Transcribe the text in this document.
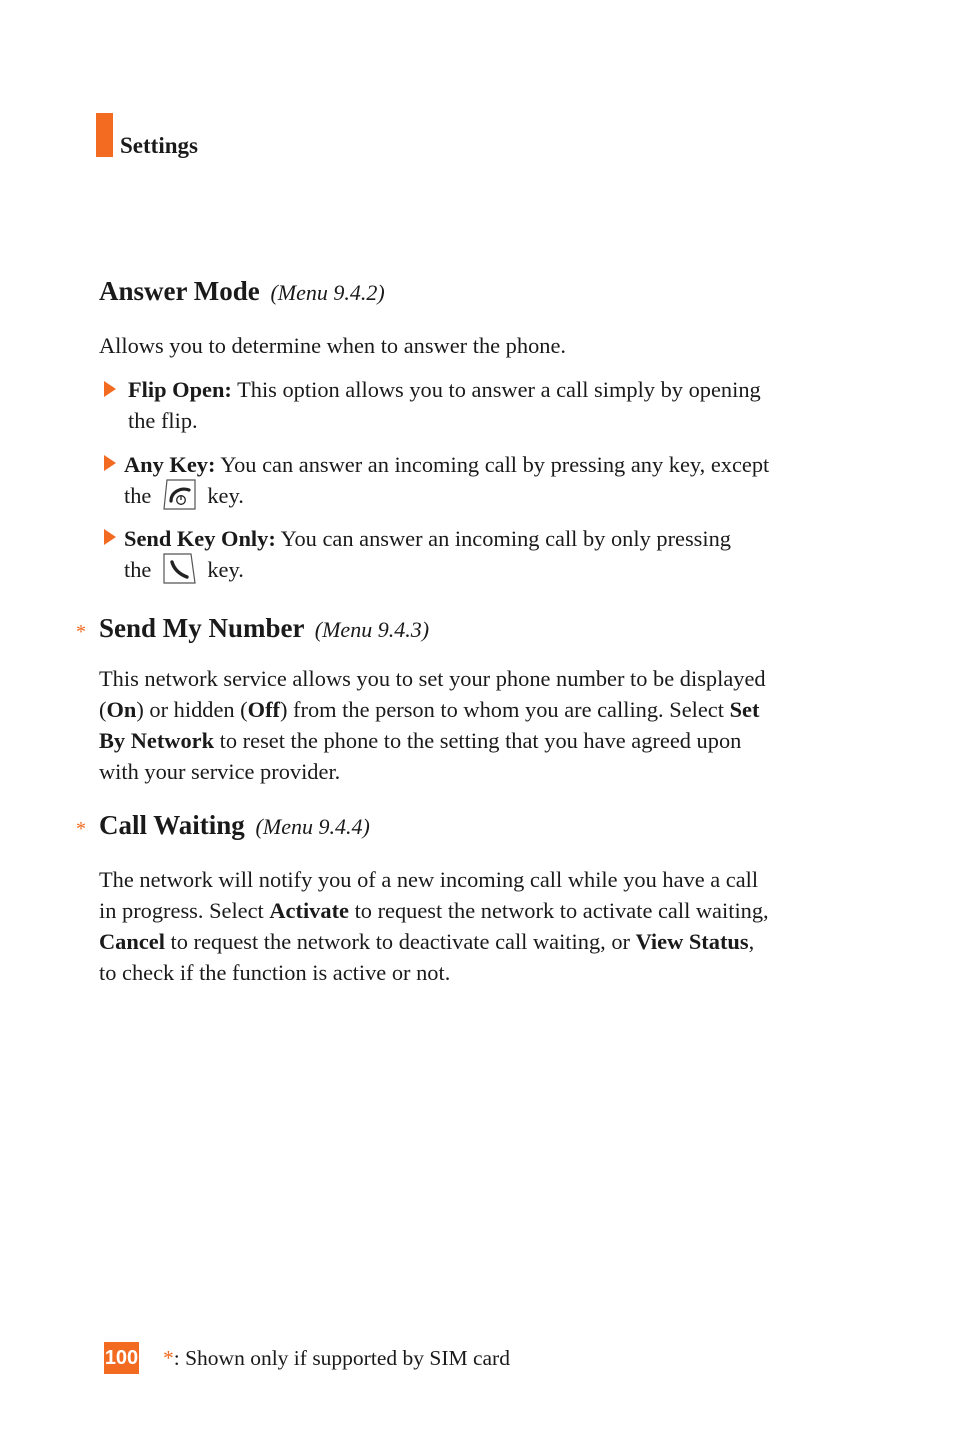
Settings
Answer Mode (Menu 9.4.2)
Allows you to determine when to answer the phone.
Flip Open: This option allows you to answer a call simply by opening
the flip.
Any Key: You can answer an incoming call by pressing any key, except
the	key.
Send Key Only: You can answer an incoming call by only pressing
the	key.
* Send My Number (Menu 9.4.3)
This network service allows you to set your phone number to be displayed
(On) or hidden (Off) from the person to whom you are calling. Select Set
By Network to reset the phone to the setting that you have agreed upon
with your service provider.
* Call Waiting (Menu 9.4.4)
The network will notify you of a new incoming call while you have a call
in progress. Select Activate to request the network to activate call waiting,
Cancel to request the network to deactivate call waiting, or View Status,
to check if the function is active or not.
100 *: Shown only if supported by SIM card
